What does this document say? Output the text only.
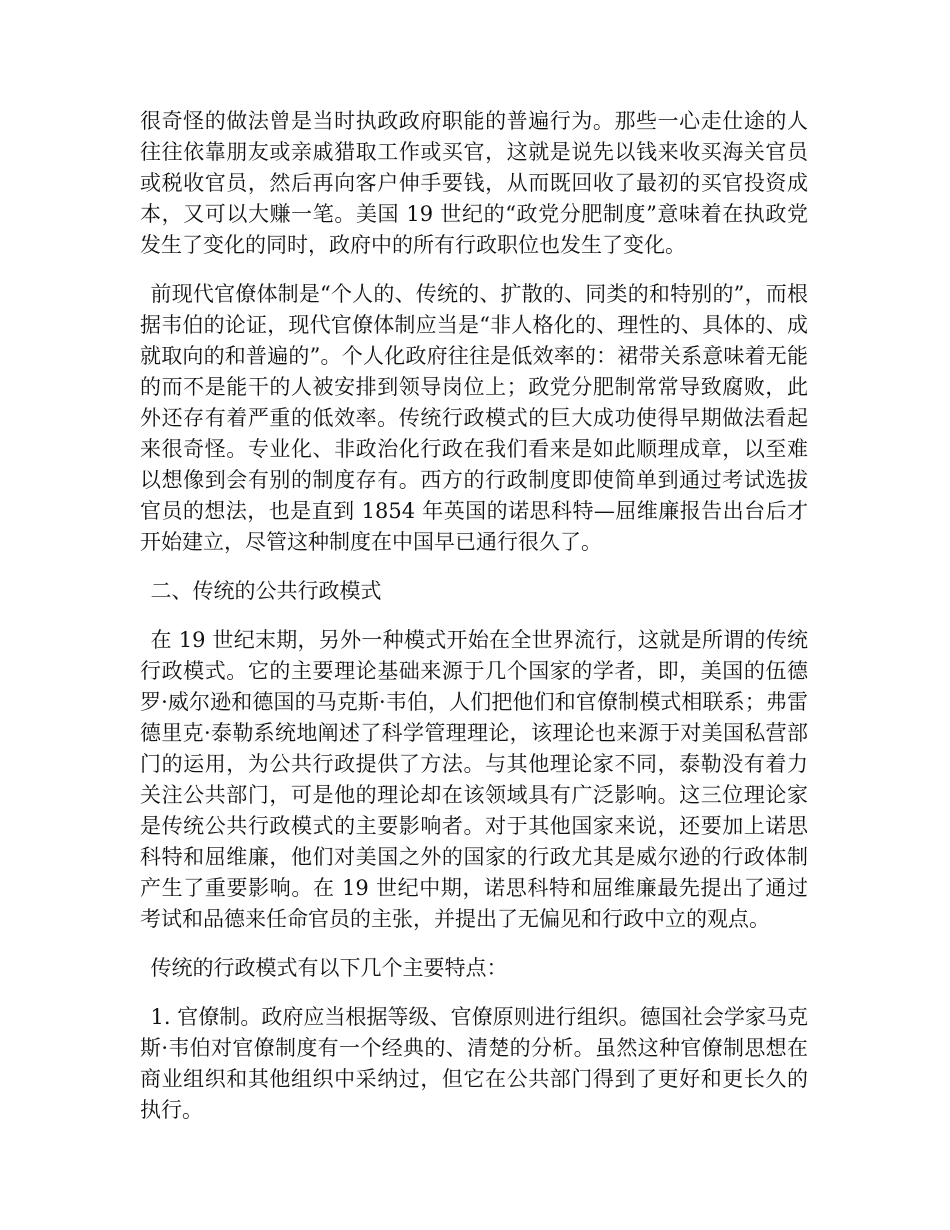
很奇怪的做法曾是当时执政政府职能的普遍行为。那些一心走仕途的人往往依靠朋友或亲戚猎取工作或买官，这就是说先以钱来收买海关官员或税收官员，然后再向客户伸手要钱，从而既回收了最初的买官投资成本，又可以大赚一笔。美国 19 世纪的“政党分肥制度”意味着在执政党发生了变化的同时，政府中的所有行政职位也发生了变化。

前现代官僚体制是“个人的、传统的、扩散的、同类的和特别的”，而根据韦伯的论证，现代官僚体制应当是“非人格化的、理性的、具体的、成就取向的和普遍的”。个人化政府往往是低效率的：裙带关系意味着无能的而不是能干的人被安排到领导岗位上；政党分肥制常常导致腐败，此外还存有着严重的低效率。传统行政模式的巨大成功使得早期做法看起来很奇怪。专业化、非政治化行政在我们看来是如此顺理成章，以至难以想像到会有别的制度存有。西方的行政制度即使简单到通过考试选拔官员的想法，也是直到 1854 年英国的诺思科特—屈维廉报告出台后才开始建立，尽管这种制度在中国早已通行很久了。

二、传统的公共行政模式

在 19 世纪末期，另外一种模式开始在全世界流行，这就是所谓的传统行政模式。它的主要理论基础来源于几个国家的学者，即，美国的伍德罗·威尔逊和德国的马克斯·韦伯，人们把他们和官僚制模式相联系；弗雷德里克·泰勒系统地阐述了科学管理理论，该理论也来源于对美国私营部门的运用，为公共行政提供了方法。与其他理论家不同，泰勒没有着力关注公共部门，可是他的理论却在该领域具有广泛影响。这三位理论家是传统公共行政模式的主要影响者。对于其他国家来说，还要加上诺思科特和屈维廉，他们对美国之外的国家的行政尤其是威尔逊的行政体制产生了重要影响。在 19 世纪中期，诺思科特和屈维廉最先提出了通过考试和品德来任命官员的主张，并提出了无偏见和行政中立的观点。

传统的行政模式有以下几个主要特点：

1. 官僚制。政府应当根据等级、官僚原则进行组织。德国社会学家马克斯·韦伯对官僚制度有一个经典的、清楚的分析。虽然这种官僚制思想在商业组织和其他组织中采纳过，但它在公共部门得到了更好和更长久的执行。
